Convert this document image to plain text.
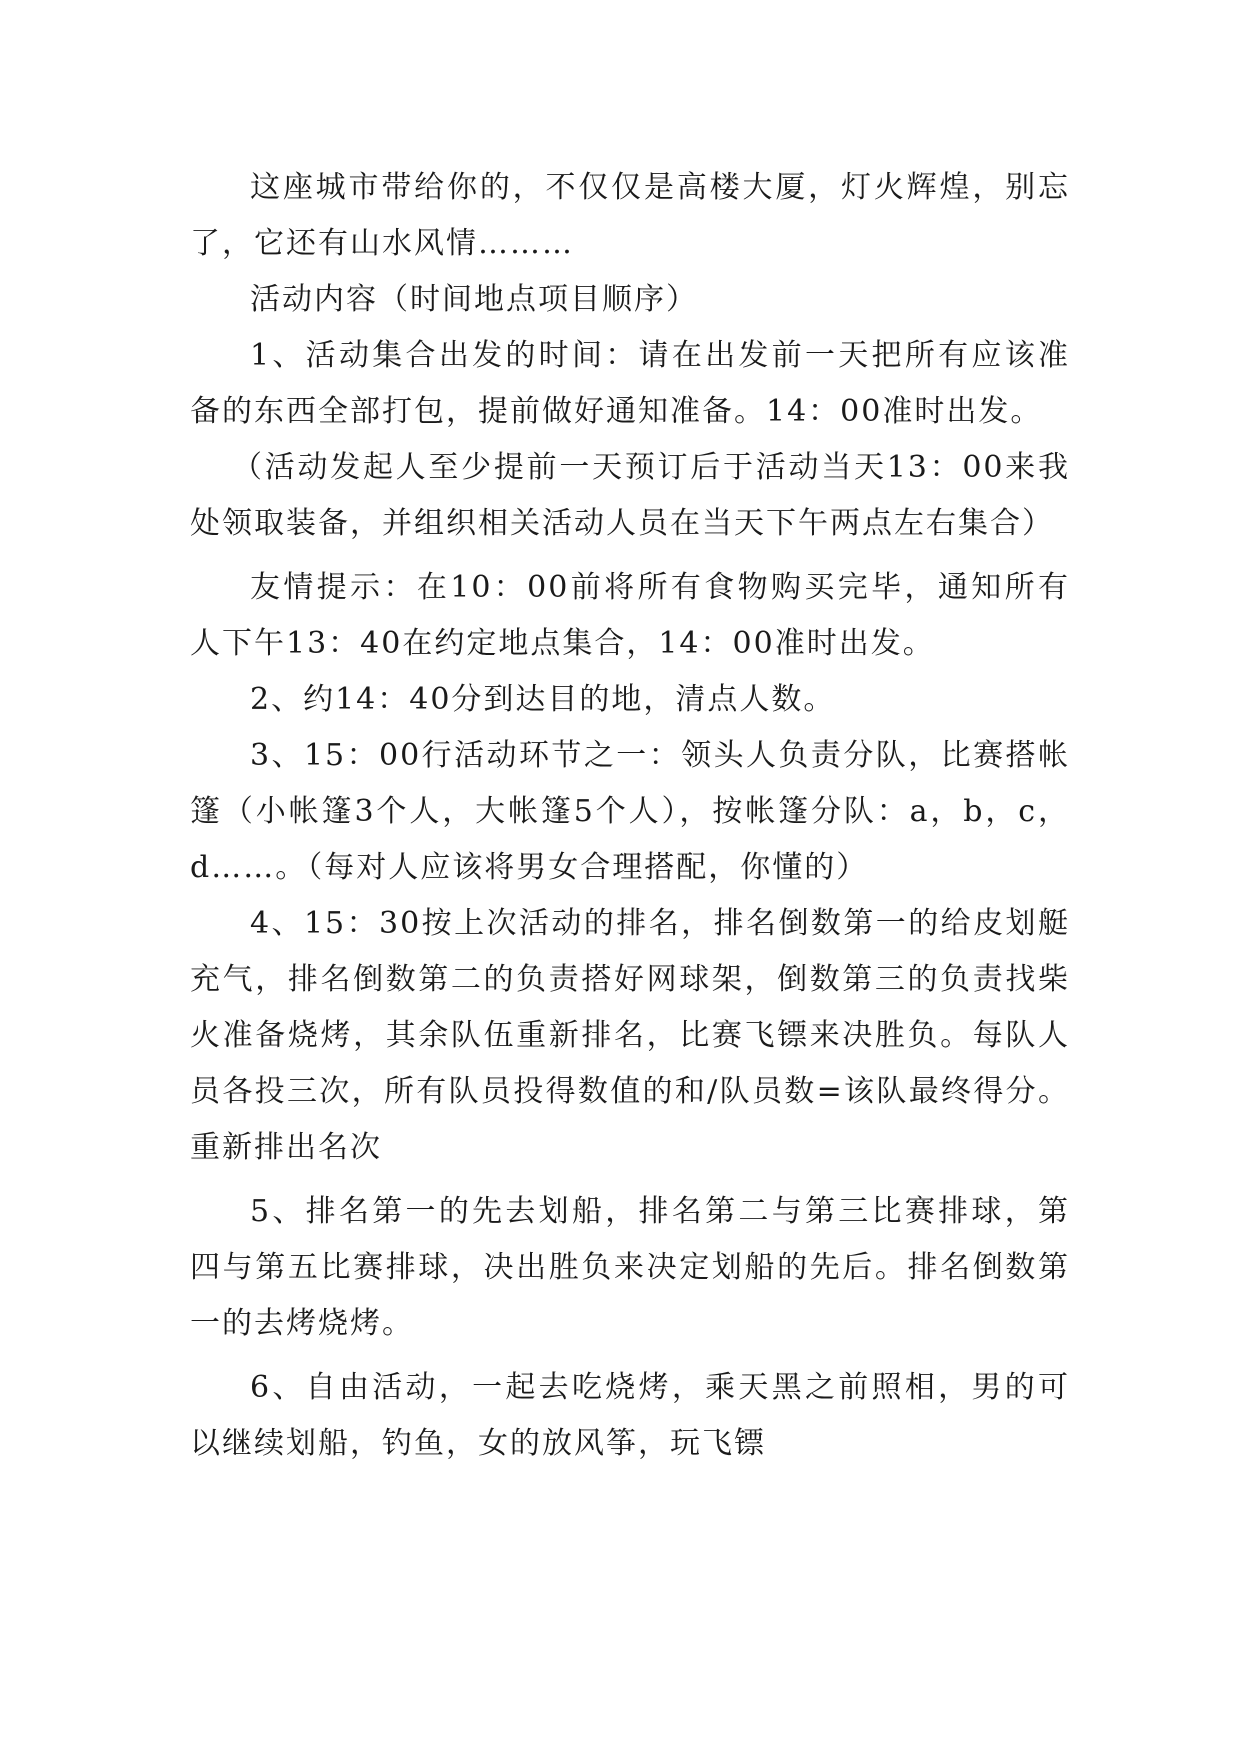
这座城市带给你的，不仅仅是高楼大厦，灯火辉煌，别忘了，它还有山水风情………

活动内容（时间地点项目顺序）

1、活动集合出发的时间：请在出发前一天把所有应该准备的东西全部打包，提前做好通知准备。14：00准时出发。

（活动发起人至少提前一天预订后于活动当天13：00来我处领取装备，并组织相关活动人员在当天下午两点左右集合）

友情提示：在10：00前将所有食物购买完毕，通知所有人下午13：40在约定地点集合，14：00准时出发。

2、约14：40分到达目的地，清点人数。

3、15：00行活动环节之一：领头人负责分队，比赛搭帐篷（小帐篷3个人，大帐篷5个人），按帐篷分队：a，b，c，d……。（每对人应该将男女合理搭配，你懂的）

4、15：30按上次活动的排名，排名倒数第一的给皮划艇充气，排名倒数第二的负责搭好网球架，倒数第三的负责找柴火准备烧烤，其余队伍重新排名，比赛飞镖来决胜负。每队人员各投三次，所有队员投得数值的和/队员数=该队最终得分。重新排出名次

5、排名第一的先去划船，排名第二与第三比赛排球，第四与第五比赛排球，决出胜负来决定划船的先后。排名倒数第一的去烤烧烤。

6、自由活动，一起去吃烧烤，乘天黑之前照相，男的可以继续划船，钓鱼，女的放风筝，玩飞镖
